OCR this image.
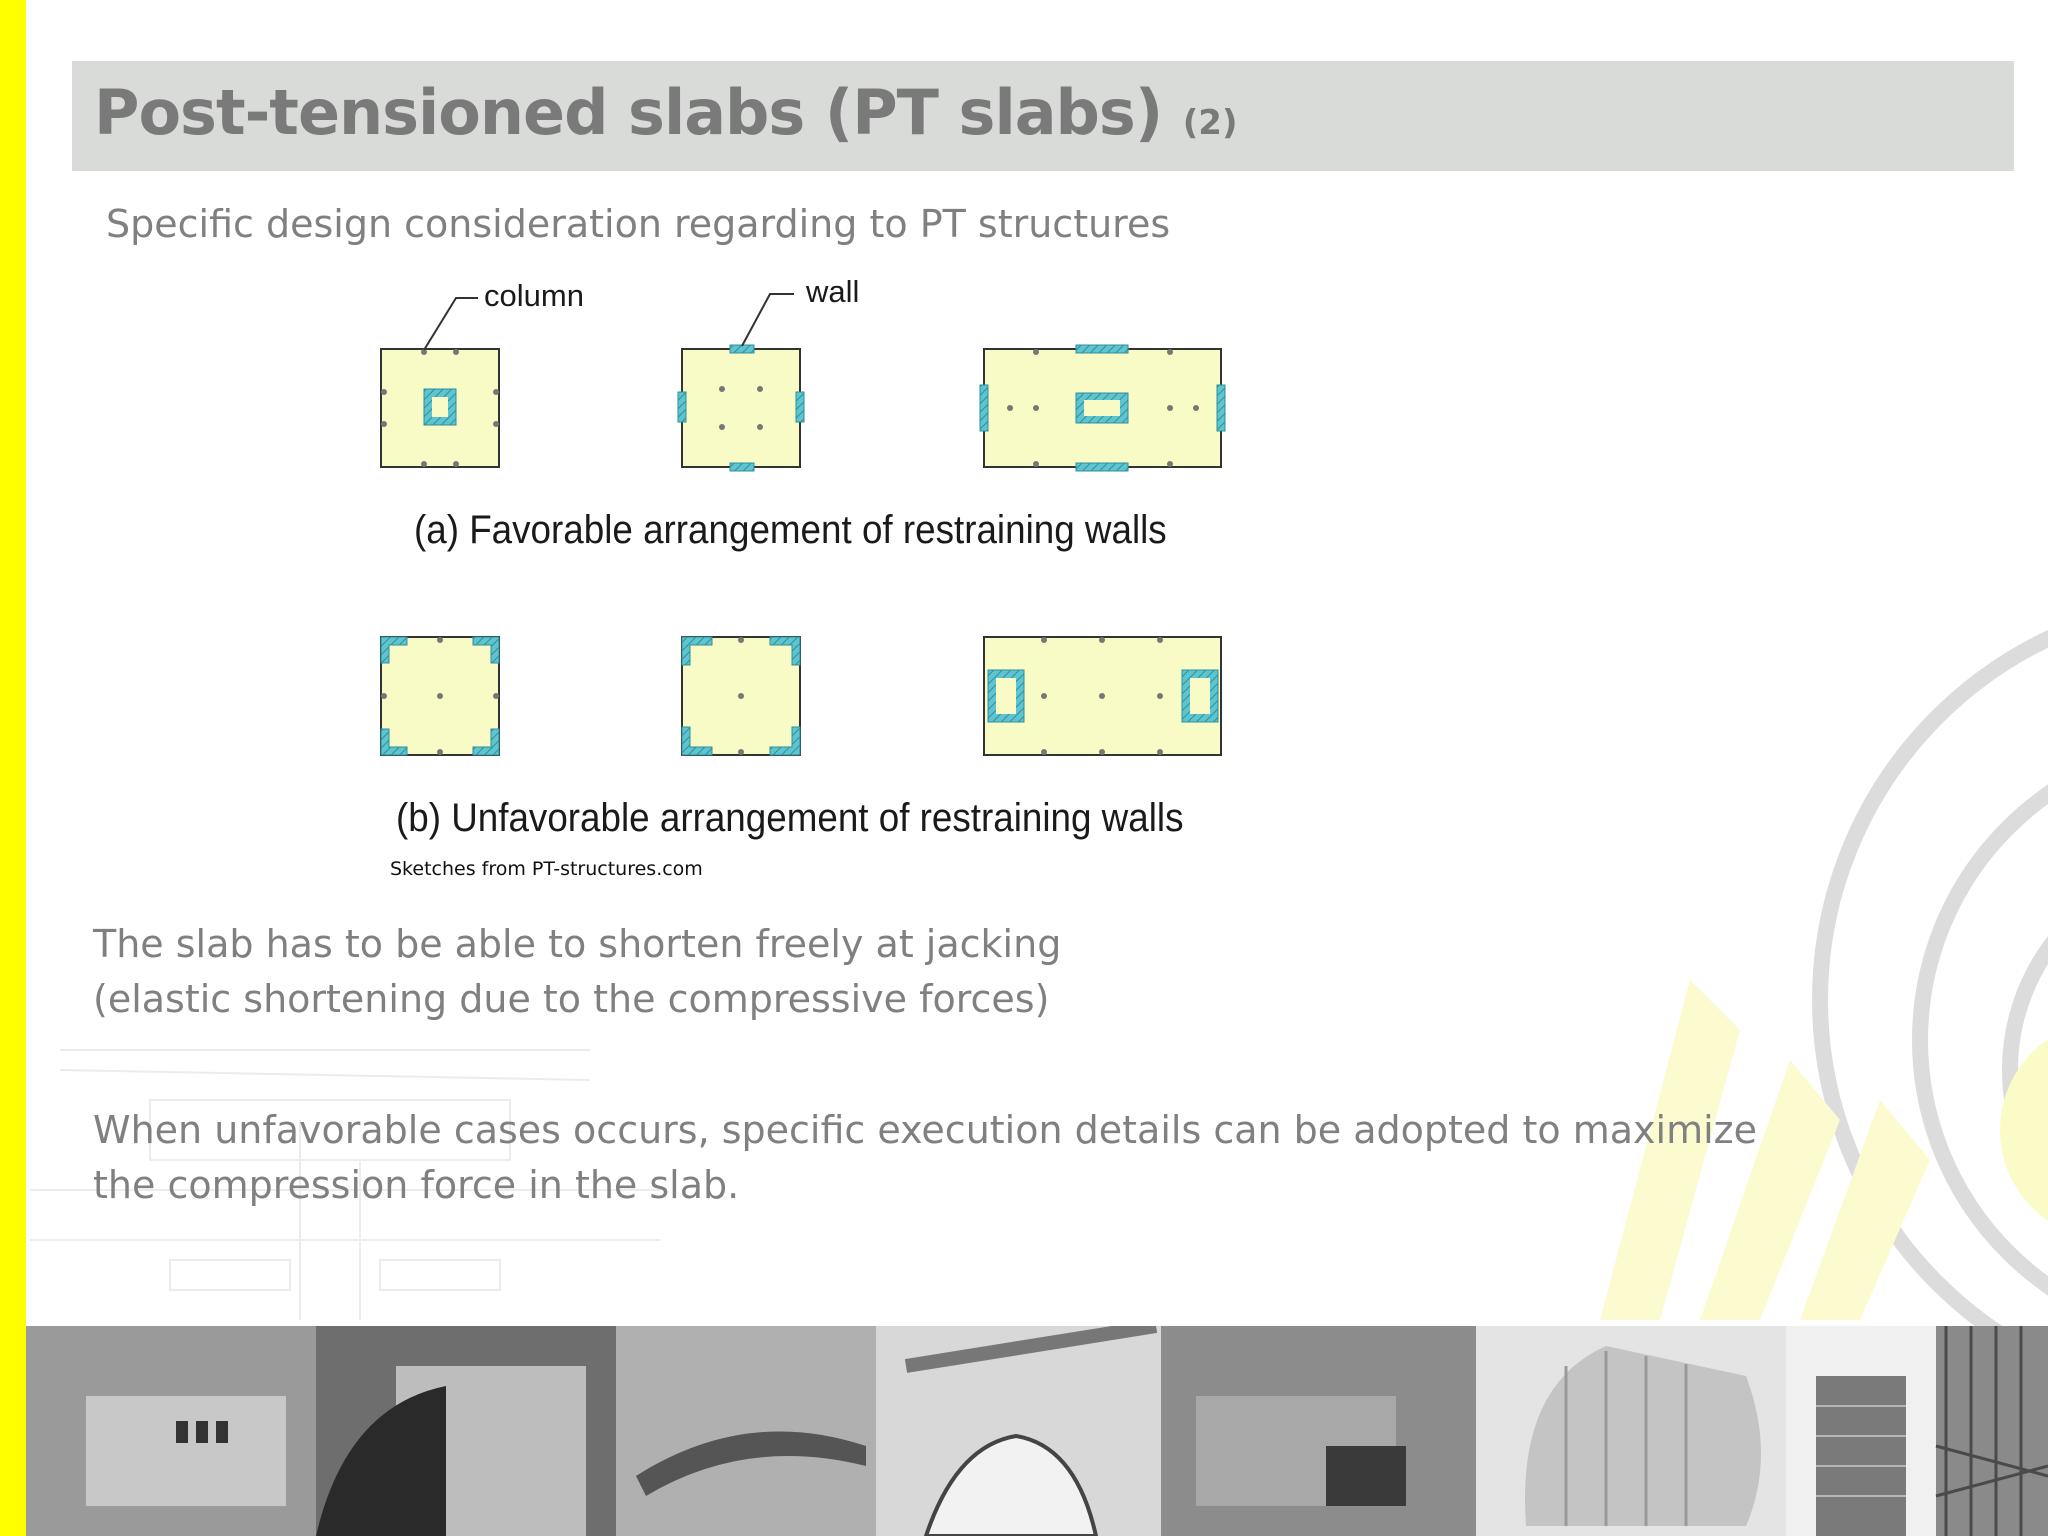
Post-tensioned slabs (PT slabs) (2)
Specific design consideration regarding to PT structures
column	wall
(a) Favorable arrangement of restraining walls
(b) Unfavorable arrangement of restraining walls
Sketches from PT-structures.com
The slab has to be able to shorten freely at jacking
(elastic shortening due to the compressive forces)
When unfavorable cases occurs, specific execution details can be adopted to maximize the compression force in the slab.
